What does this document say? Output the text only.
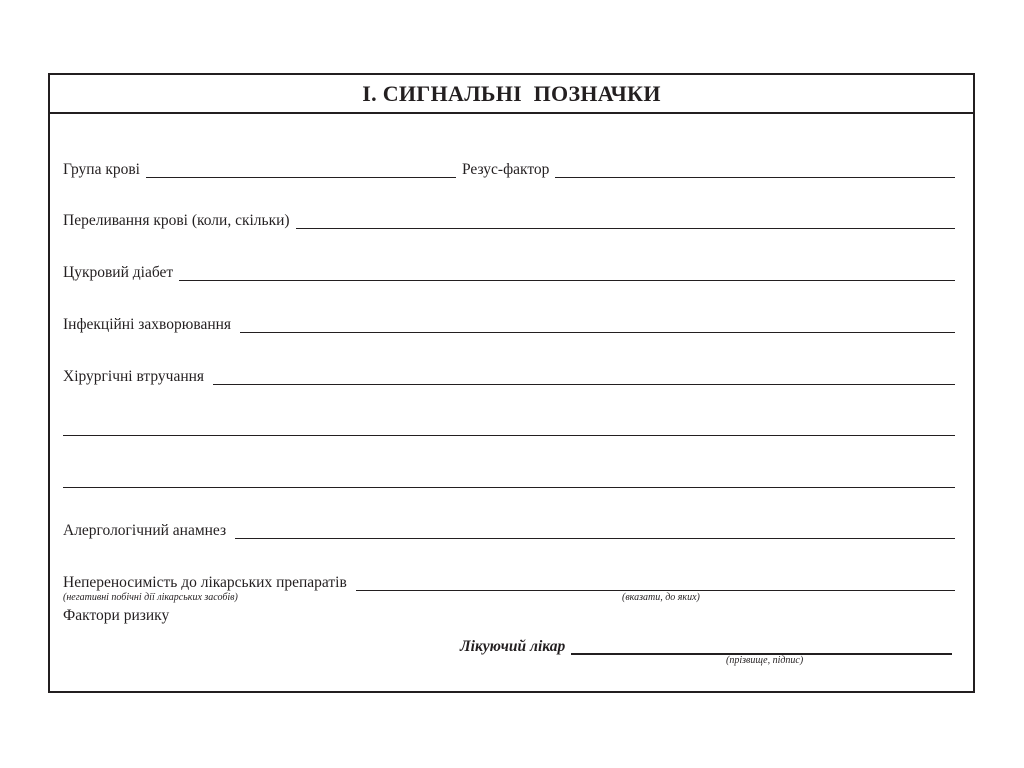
І. СИГНАЛЬНІ  ПОЗНАЧКИ
Група крові	Резус-фактор
Переливання крові (коли, скільки)
Цукровий діабет
Інфекційні захворювання
Хірургічні втручання
Алергологічний анамнез
Непереносимість до лікарських препаратів
(негативні побічні дії лікарських засобів)	(вказати, до яких)
Фактори ризику
Лікуючий лікар
(прізвище, підпис)
